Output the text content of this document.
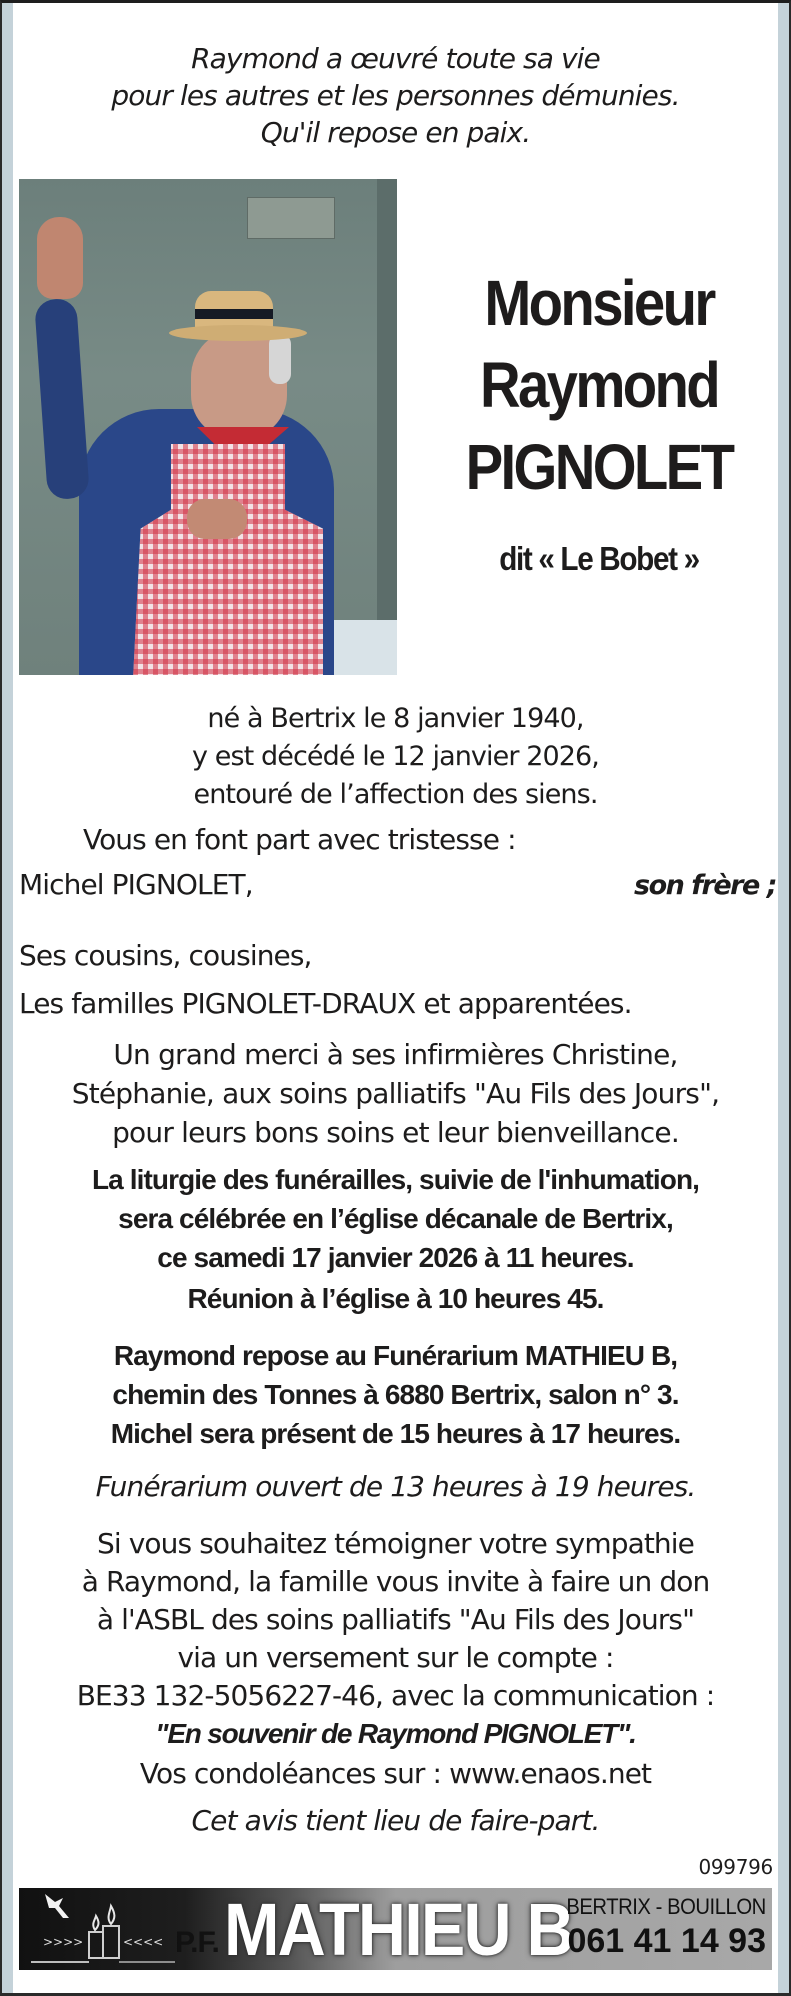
Raymond a œuvré toute sa vie
pour les autres et les personnes démunies.
Qu'il repose en paix.
Monsieur
Raymond
PIGNOLET
dit « Le Bobet »
né à Bertrix le 8 janvier 1940,
y est décédé le 12 janvier 2026,
entouré de l’affection des siens.
Vous en font part avec tristesse :
Michel PIGNOLET,	son frère ;
Ses cousins, cousines,
Les familles PIGNOLET-DRAUX et apparentées.
Un grand merci à ses infirmières Christine,
Stéphanie, aux soins palliatifs "Au Fils des Jours",
pour leurs bons soins et leur bienveillance.
La liturgie des funérailles, suivie de l'inhumation,
sera célébrée en l’église décanale de Bertrix,
ce samedi 17 janvier 2026 à 11 heures.
Réunion à l’église à 10 heures 45.
Raymond repose au Funérarium MATHIEU B,
chemin des Tonnes à 6880 Bertrix, salon n° 3.
Michel sera présent de 15 heures à 17 heures.
Funérarium ouvert de 13 heures à 19 heures.
Si vous souhaitez témoigner votre sympathie
à Raymond, la famille vous invite à faire un don
à l'ASBL des soins palliatifs "Au Fils des Jours"
via un versement sur le compte :
BE33 132-5056227-46, avec la communication :
"En souvenir de Raymond PIGNOLET".
Vos condoléances sur : www.enaos.net
Cet avis tient lieu de faire-part.
099796
>>>>	<<<< P.F. MATHIEU B
BERTRIX - BOUILLON
061 41 14 93
